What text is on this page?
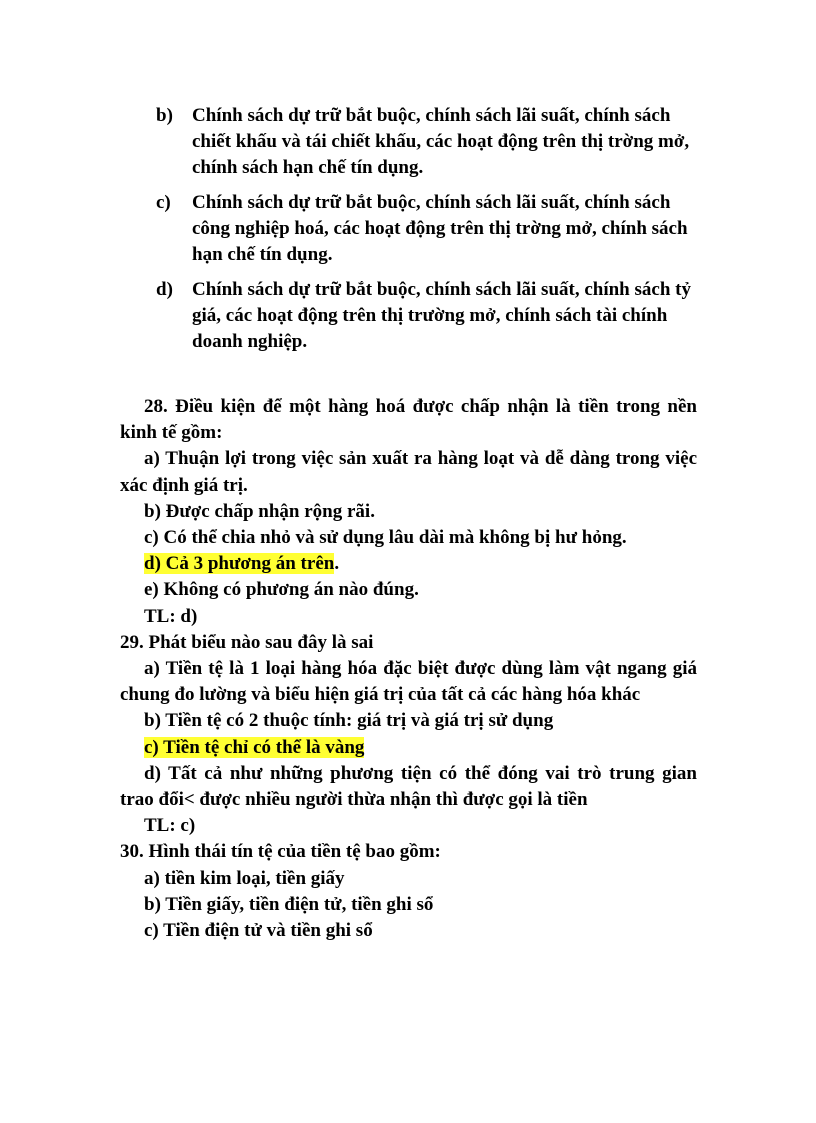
b) Chính sách dự trữ bắt buộc, chính sách lãi suất, chính sách chiết khấu và tái chiết khấu, các hoạt động trên thị trờng mở, chính sách hạn chế tín dụng.
c) Chính sách dự trữ bắt buộc, chính sách lãi suất, chính sách công nghiệp hoá, các hoạt động trên thị trờng mở, chính sách hạn chế tín dụng.
d) Chính sách dự trữ bắt buộc, chính sách lãi suất, chính sách tỷ giá, các hoạt động trên thị trường mở, chính sách tài chính doanh nghiệp.
28. Điều kiện để một hàng hoá được chấp nhận là tiền trong nền kinh tế gồm:
a) Thuận lợi trong việc sản xuất ra hàng loạt và dễ dàng trong việc xác định giá trị.
b) Được chấp nhận rộng rãi.
c) Có thể chia nhỏ và sử dụng lâu dài mà không bị hư hỏng.
d) Cả 3 phương án trên.
e) Không có phương án nào đúng.
TL: d)
29. Phát biểu nào sau đây là sai
a) Tiền tệ là 1 loại hàng hóa đặc biệt được dùng làm vật ngang giá chung đo lường và biểu hiện giá trị của tất cả các hàng hóa khác
b) Tiền tệ có 2 thuộc tính: giá trị và giá trị sử dụng
c) Tiền tệ chỉ có thể là vàng
d) Tất cả như những phương tiện có thể đóng vai trò trung gian trao đổi< được nhiều người thừa nhận thì được gọi là tiền
TL: c)
30. Hình thái tín tệ của tiền tệ bao gồm:
a) tiền kim loại, tiền giấy
b) Tiền giấy, tiền điện tử, tiền ghi sổ
c) Tiền điện tử và tiền ghi sổ
